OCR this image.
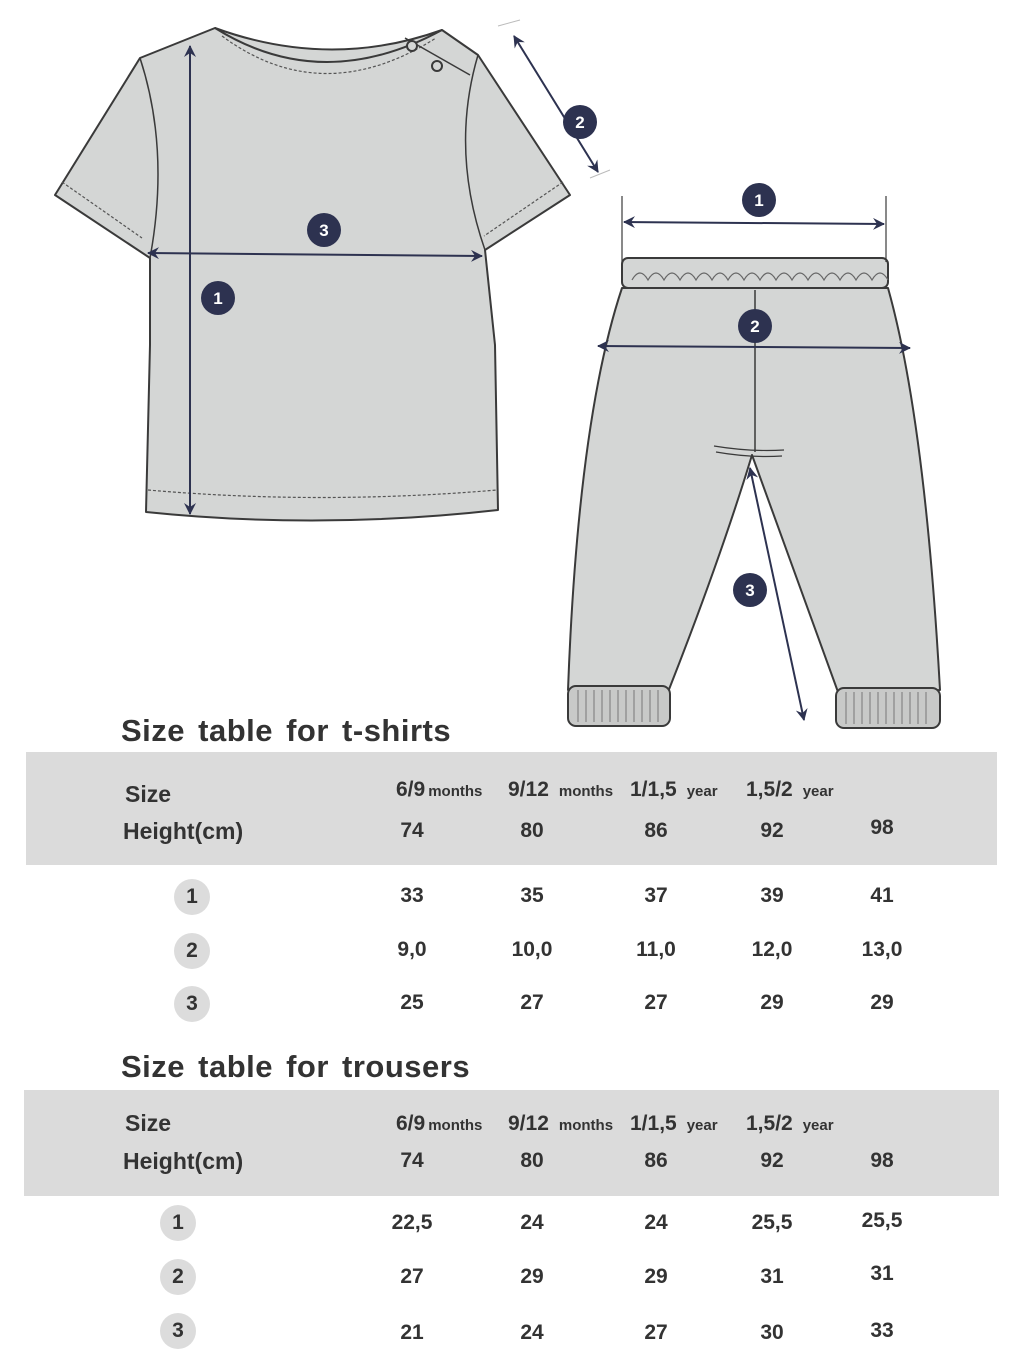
1
3
2
1
2
3
Size table for t-shirts
Size
Height(cm)
6/9 months 9/12 months 1/1,5 year 1,5/2 year
74	80	86	92	98
1	33	35	37	39	41
2	9,0	10,0	11,0	12,0	13,0
3	25	27	27	29	29
Size table for trousers
Size
Height(cm)
6/9 months 9/12 months 1/1,5 year 1,5/2 year
74	80	86	92	98
1	22,5	24	24	25,5	25,5
2	27	29	29	31	31
3	21	24	27	30	33
